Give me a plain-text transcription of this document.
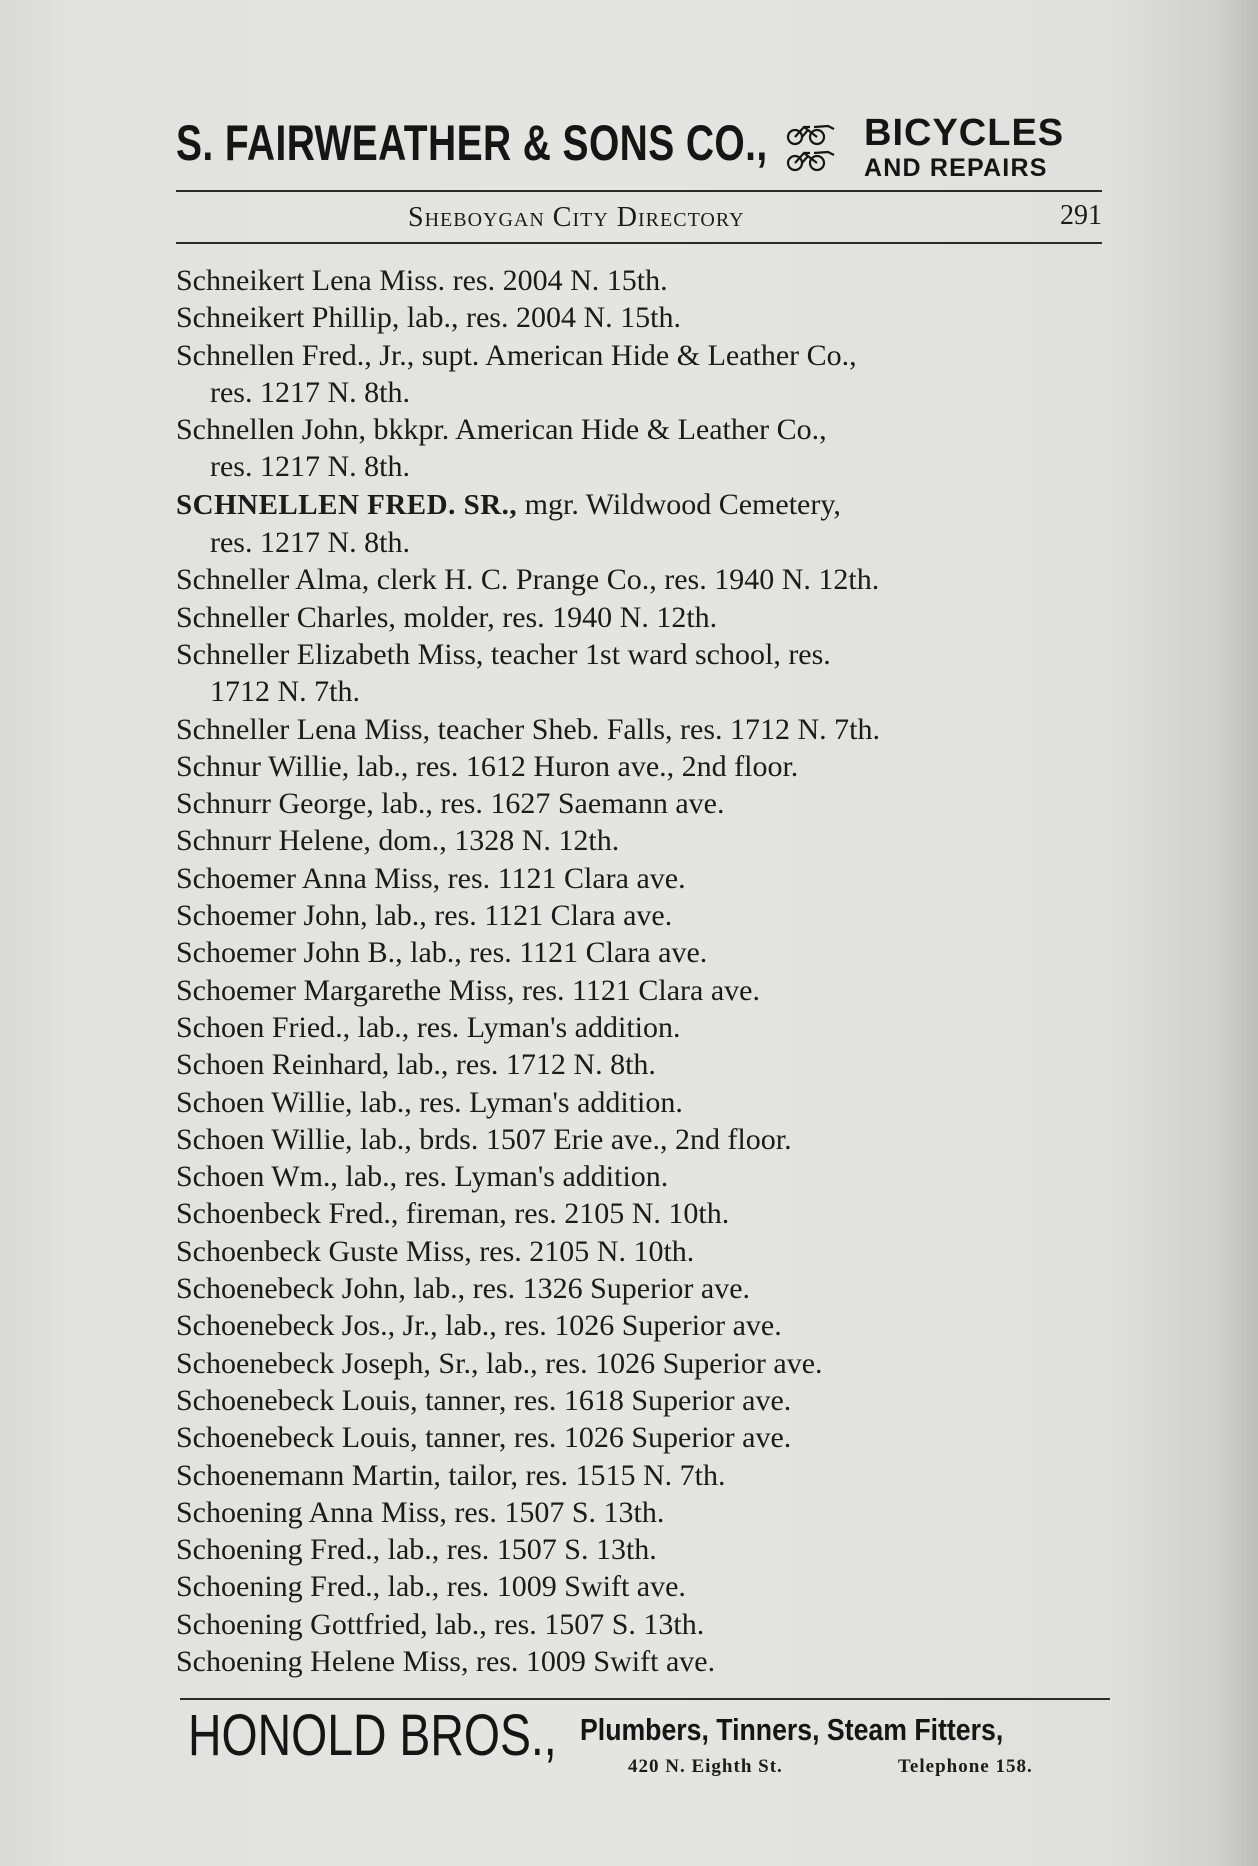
S. FAIRWEATHER & SONS CO.,	BICYCLES
AND REPAIRS
Sheboygan City Directory	291
Schneikert Lena Miss. res. 2004 N. 15th.
Schneikert Phillip, lab., res. 2004 N. 15th.
Schnellen Fred., Jr., supt. American Hide & Leather Co.,
res. 1217 N. 8th.
Schnellen John, bkkpr. American Hide & Leather Co.,
res. 1217 N. 8th.
SCHNELLEN FRED. SR., mgr. Wildwood Cemetery,
res. 1217 N. 8th.
Schneller Alma, clerk H. C. Prange Co., res. 1940 N. 12th.
Schneller Charles, molder, res. 1940 N. 12th.
Schneller Elizabeth Miss, teacher 1st ward school, res.
1712 N. 7th.
Schneller Lena Miss, teacher Sheb. Falls, res. 1712 N. 7th.
Schnur Willie, lab., res. 1612 Huron ave., 2nd floor.
Schnurr George, lab., res. 1627 Saemann ave.
Schnurr Helene, dom., 1328 N. 12th.
Schoemer Anna Miss, res. 1121 Clara ave.
Schoemer John, lab., res. 1121 Clara ave.
Schoemer John B., lab., res. 1121 Clara ave.
Schoemer Margarethe Miss, res. 1121 Clara ave.
Schoen Fried., lab., res. Lyman's addition.
Schoen Reinhard, lab., res. 1712 N. 8th.
Schoen Willie, lab., res. Lyman's addition.
Schoen Willie, lab., brds. 1507 Erie ave., 2nd floor.
Schoen Wm., lab., res. Lyman's addition.
Schoenbeck Fred., fireman, res. 2105 N. 10th.
Schoenbeck Guste Miss, res. 2105 N. 10th.
Schoenebeck John, lab., res. 1326 Superior ave.
Schoenebeck Jos., Jr., lab., res. 1026 Superior ave.
Schoenebeck Joseph, Sr., lab., res. 1026 Superior ave.
Schoenebeck Louis, tanner, res. 1618 Superior ave.
Schoenebeck Louis, tanner, res. 1026 Superior ave.
Schoenemann Martin, tailor, res. 1515 N. 7th.
Schoening Anna Miss, res. 1507 S. 13th.
Schoening Fred., lab., res. 1507 S. 13th.
Schoening Fred., lab., res. 1009 Swift ave.
Schoening Gottfried, lab., res. 1507 S. 13th.
Schoening Helene Miss, res. 1009 Swift ave.
HONOLD BROS., Plumbers, Tinners, Steam Fitters,
420 N. Eighth St.	Telephone 158.
